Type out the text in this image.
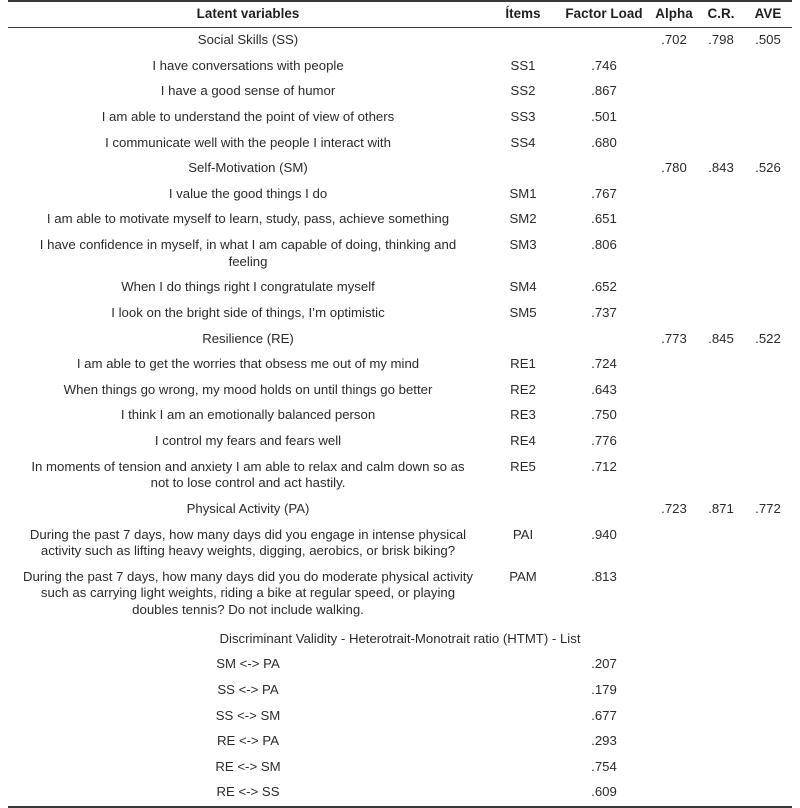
Latent variables	Ítems	Factor Load	Alpha	C.R.	AVE
Social Skills (SS)			.702	.798	.505
I have conversations with people	SS1	.746			
I have a good sense of humor	SS2	.867			
I am able to understand the point of view of others	SS3	.501			
I communicate well with the people I interact with	SS4	.680			
Self-Motivation (SM)			.780	.843	.526
I value the good things I do	SM1	.767			
I am able to motivate myself to learn, study, pass, achieve something	SM2	.651			
I have confidence in myself, in what I am capable of doing, thinking and feeling	SM3	.806			
When I do things right I congratulate myself	SM4	.652			
I look on the bright side of things, I’m optimistic	SM5	.737			
Resilience (RE)			.773	.845	.522
I am able to get the worries that obsess me out of my mind	RE1	.724			
When things go wrong, my mood holds on until things go better	RE2	.643			
I think I am an emotionally balanced person	RE3	.750			
I control my fears and fears well	RE4	.776			
In moments of tension and anxiety I am able to relax and calm down so as not to lose control and act hastily.	RE5	.712			
Physical Activity (PA)			.723	.871	.772
During the past 7 days, how many days did you engage in intense physical activity such as lifting heavy weights, digging, aerobics, or brisk biking?	PAI	.940			
During the past 7 days, how many days did you do moderate physical activity such as carrying light weights, riding a bike at regular speed, or playing doubles tennis? Do not include walking.	PAM	.813			
Discriminant Validity - Heterotrait-Monotrait ratio (HTMT) - List					
SM <-> PA		.207			
SS <-> PA		.179			
SS <-> SM		.677			
RE <-> PA		.293			
RE <-> SM		.754			
RE <-> SS		.609			
